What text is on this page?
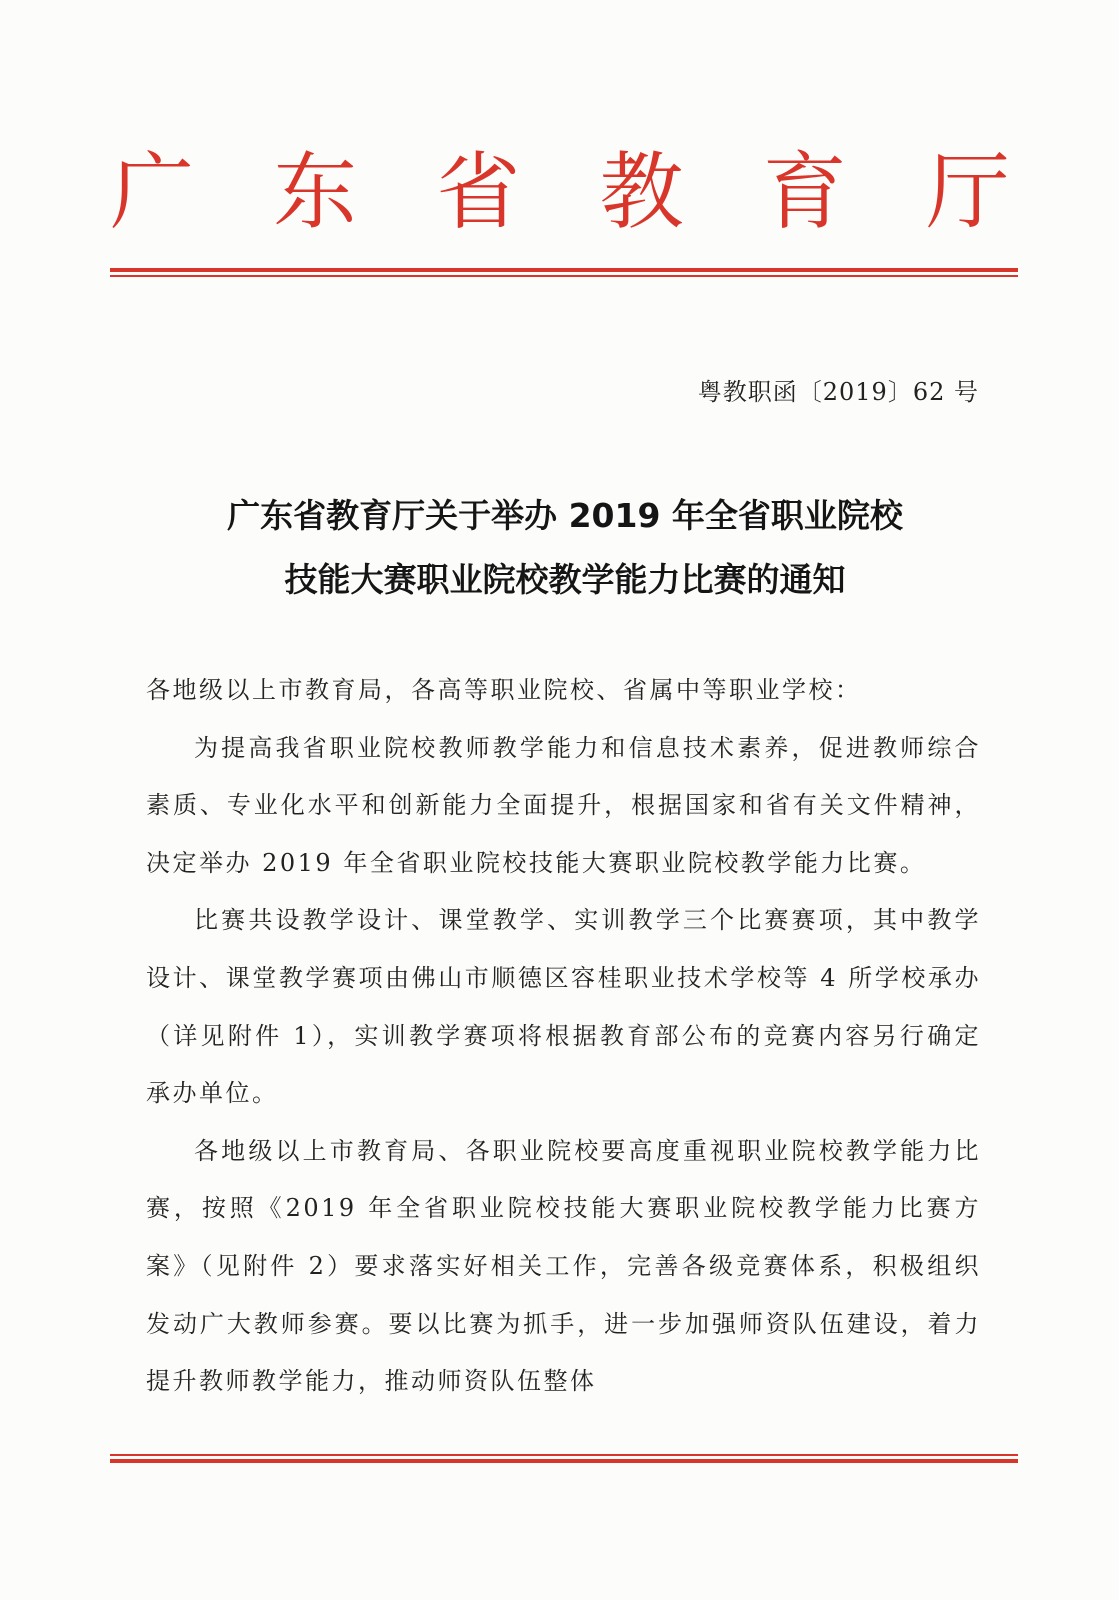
广 东 省 教 育 厅
粤教职函〔2019〕62 号
广东省教育厅关于举办 2019 年全省职业院校
技能大赛职业院校教学能力比赛的通知

各地级以上市教育局，各高等职业院校、省属中等职业学校：

为提高我省职业院校教师教学能力和信息技术素养，促进教师综合素质、专业化水平和创新能力全面提升，根据国家和省有关文件精神，决定举办 2019 年全省职业院校技能大赛职业院校教学能力比赛。

比赛共设教学设计、课堂教学、实训教学三个比赛赛项，其中教学设计、课堂教学赛项由佛山市顺德区容桂职业技术学校等 4 所学校承办（详见附件 1），实训教学赛项将根据教育部公布的竞赛内容另行确定承办单位。

各地级以上市教育局、各职业院校要高度重视职业院校教学能力比赛，按照《2019 年全省职业院校技能大赛职业院校教学能力比赛方案》（见附件 2）要求落实好相关工作，完善各级竞赛体系，积极组织发动广大教师参赛。要以比赛为抓手，进一步加强师资队伍建设，着力提升教师教学能力，推动师资队伍整体
